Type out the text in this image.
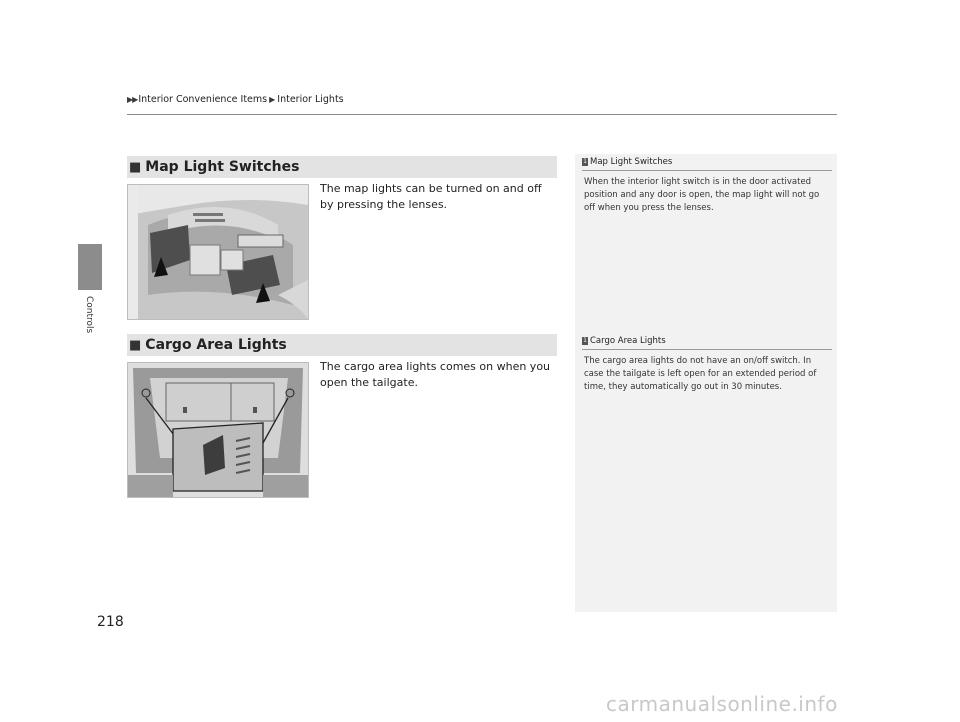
▶▶ Interior Convenience Items ▶ Interior Lights
Controls
■ Map Light Switches
The map lights can be turned on and off by pressing the lenses.
■ Cargo Area Lights
The cargo area lights comes on when you open the tailgate.
1 Map Light Switches
When the interior light switch is in the door activated position and any door is open, the map light will not go off when you press the lenses.
1 Cargo Area Lights
The cargo area lights do not have an on/off switch. In case the tailgate is left open for an extended period of time, they automatically go out in 30 minutes.
218
carmanualsonline.info
